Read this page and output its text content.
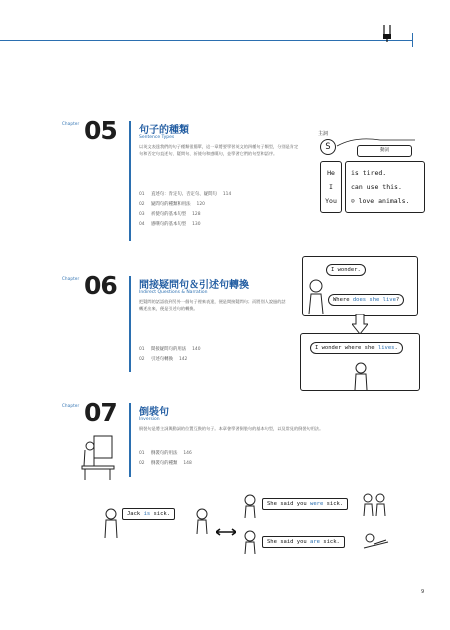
Chapter 05 句子的種類
Sentence Types
以英文表達我們的句子種類很簡單，這一章將要學習英文的四種句子類型，分別是肯定句和否定句直述句、疑問句、祈使句和感嘆句，並學習它們的句型和語序。
01	直述句：肯定句、否定句、疑問句 114
02	疑問句的種類和用法 120
03	祈使句的基本句型 128
04	感嘆句的基本句型 130
主詞
S	動詞
He
I
You
is tired.
can use this.
☺ love animals.
Chapter 06 間接疑問句＆引述句轉換
Indirect Questions & Narration
把疑問的話語放到另外一個句子裡來表達，便是間接疑問句；而將別人說過的話轉述出來，便是引述句的轉換。
01	間接疑問句的用法 140
02	引述句轉換 142
I wonder.
Where does she live?
I wonder where she lives.
Chapter 07 倒裝句
Inversion
倒裝句是將主詞與動詞的位置互換的句子。本章會學習倒裝句的基本句型，以及常見的倒裝句用法。
01	倒裝句的用法 146
02	倒裝句的種類 148
Jack is sick.
She said you were sick.
She said you are sick.
9
